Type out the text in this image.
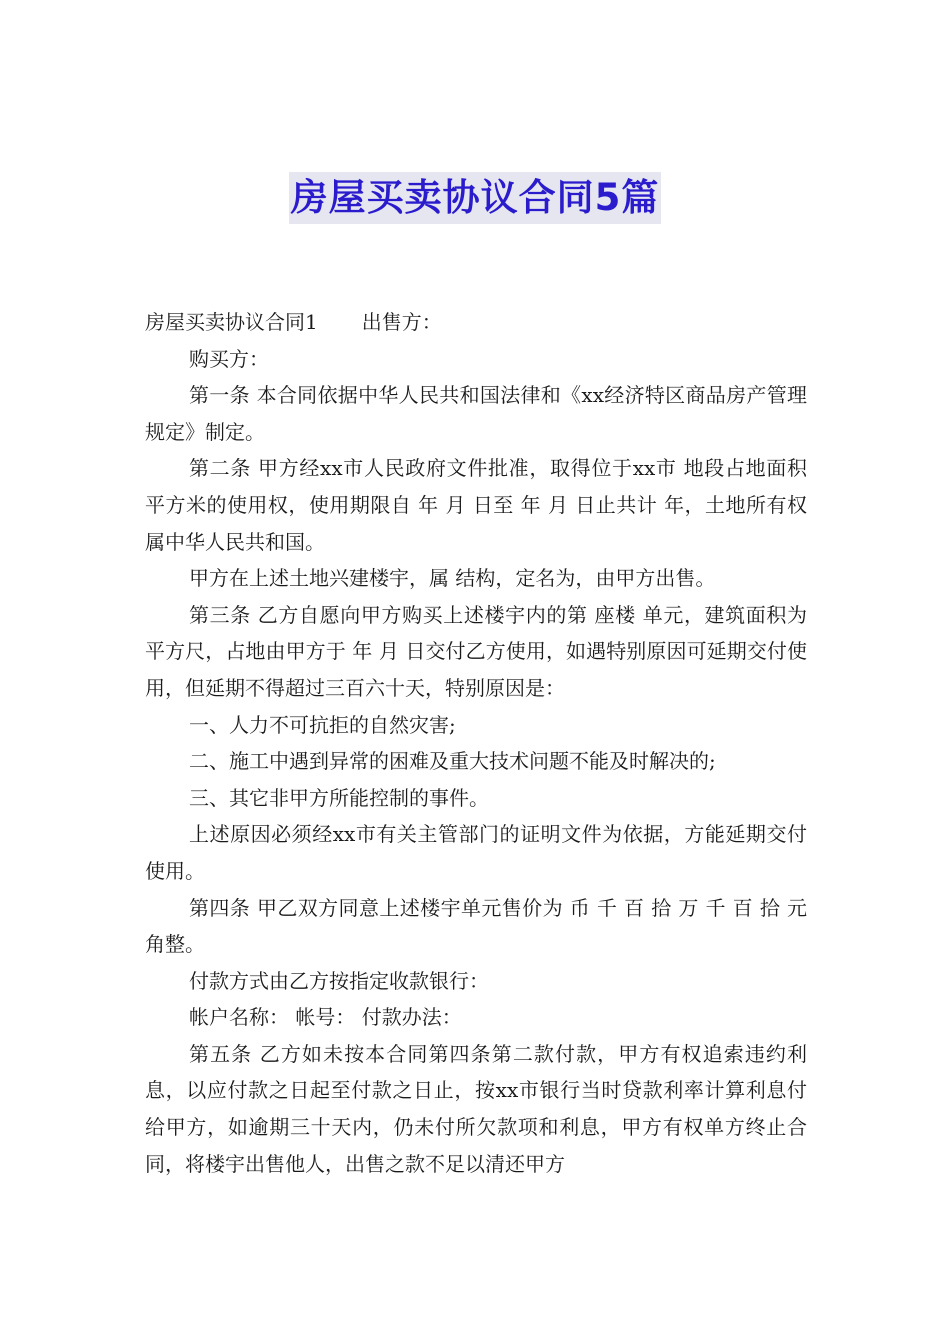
房屋买卖协议合同5篇

房屋买卖协议合同1 出售方：

购买方：

第一条 本合同依据中华人民共和国法律和《xx经济特区商品房产管理规定》制定。

第二条 甲方经xx市人民政府文件批准，取得位于xx市 地段占地面积 平方米的使用权，使用期限自 年 月 日至 年 月 日止共计 年，土地所有权属中华人民共和国。

甲方在上述土地兴建楼宇，属 结构，定名为，由甲方出售。

第三条 乙方自愿向甲方购买上述楼宇内的第 座楼 单元，建筑面积为 平方尺，占地由甲方于 年 月 日交付乙方使用，如遇特别原因可延期交付使用，但延期不得超过三百六十天，特别原因是：

一、人力不可抗拒的自然灾害;

二、施工中遇到异常的困难及重大技术问题不能及时解决的;

三、其它非甲方所能控制的事件。

上述原因必须经xx市有关主管部门的证明文件为依据，方能延期交付使用。

第四条 甲乙双方同意上述楼宇单元售价为 币 千 百 拾 万 千 百 拾 元 角整。

付款方式由乙方按指定收款银行：

帐户名称： 帐号： 付款办法：

第五条 乙方如未按本合同第四条第二款付款，甲方有权追索违约利息，以应付款之日起至付款之日止，按xx市银行当时贷款利率计算利息付给甲方，如逾期三十天内，仍未付所欠款项和利息，甲方有权单方终止合同，将楼宇出售他人，出售之款不足以清还甲方
